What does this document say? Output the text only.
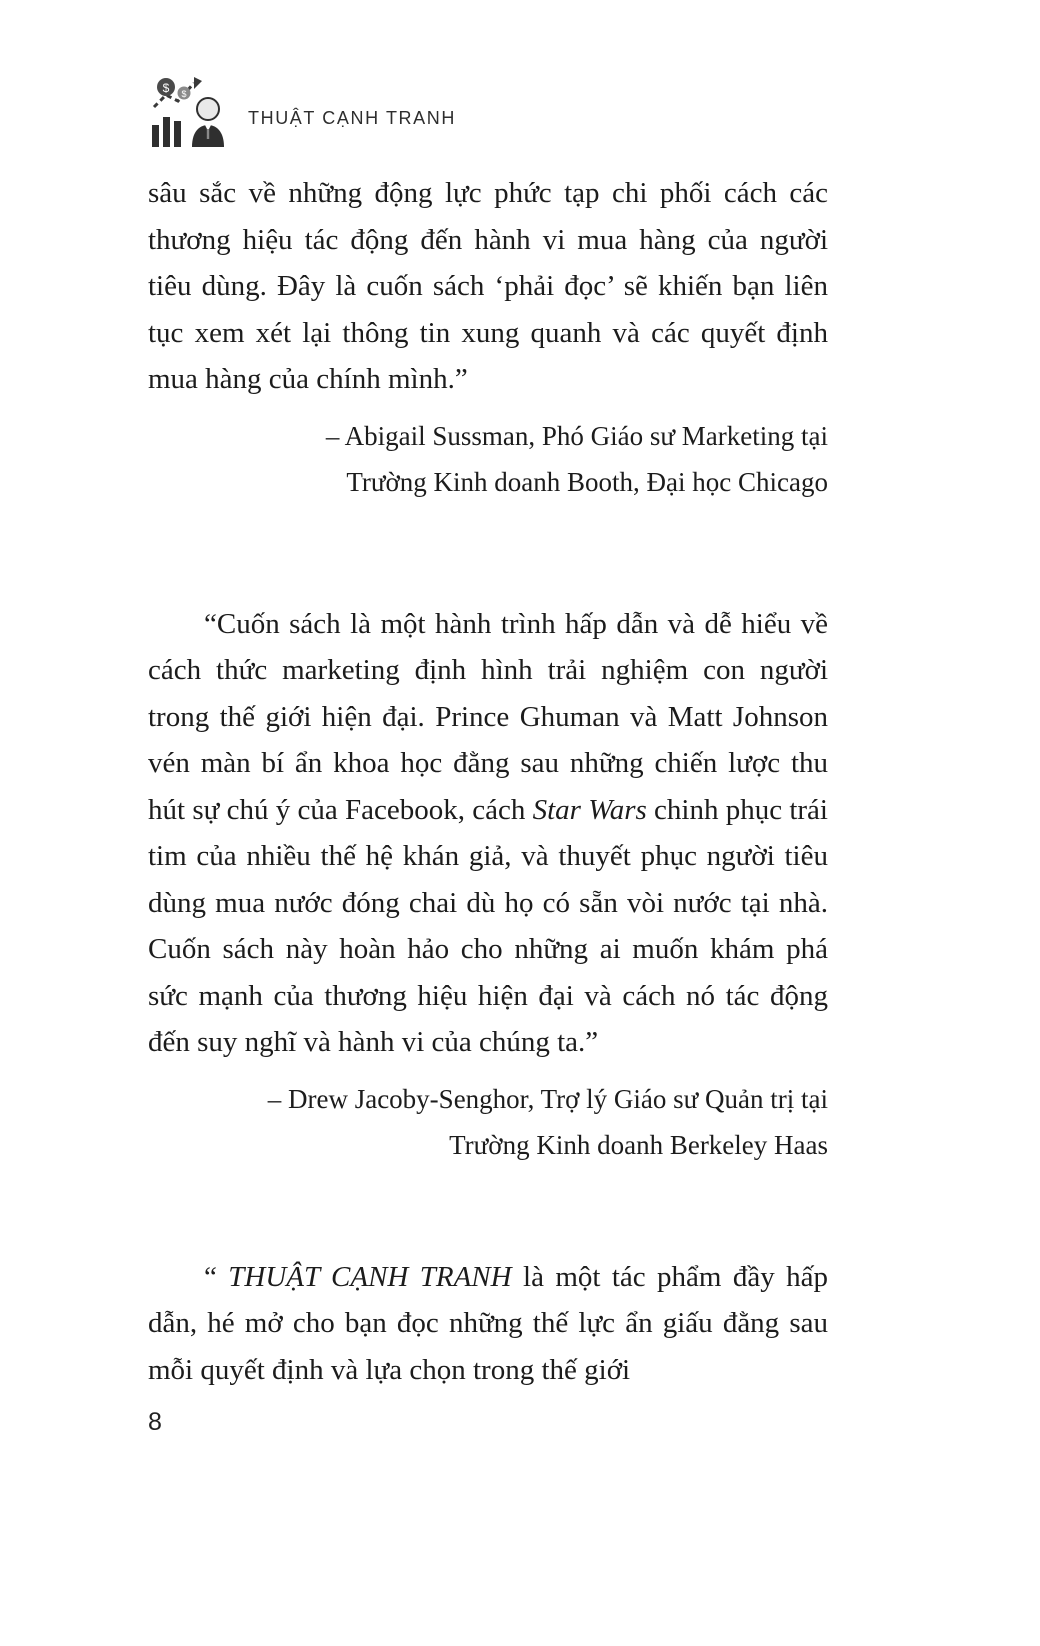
$ $
THUẬT CẠNH TRANH

sâu sắc về những động lực phức tạp chi phối cách các thương hiệu tác động đến hành vi mua hàng của người tiêu dùng. Đây là cuốn sách ‘phải đọc’ sẽ khiến bạn liên tục xem xét lại thông tin xung quanh và các quyết định mua hàng của chính mình.”

– Abigail Sussman, Phó Giáo sư Marketing tại
Trường Kinh doanh Booth, Đại học Chicago

“Cuốn sách là một hành trình hấp dẫn và dễ hiểu về cách thức marketing định hình trải nghiệm con người trong thế giới hiện đại. Prince Ghuman và Matt Johnson vén màn bí ẩn khoa học đằng sau những chiến lược thu hút sự chú ý của Facebook, cách Star Wars chinh phục trái tim của nhiều thế hệ khán giả, và thuyết phục người tiêu dùng mua nước đóng chai dù họ có sẵn vòi nước tại nhà. Cuốn sách này hoàn hảo cho những ai muốn khám phá sức mạnh của thương hiệu hiện đại và cách nó tác động đến suy nghĩ và hành vi của chúng ta.”

– Drew Jacoby-Senghor, Trợ lý Giáo sư Quản trị tại
Trường Kinh doanh Berkeley Haas

“ THUẬT CẠNH TRANH là một tác phẩm đầy hấp dẫn, hé mở cho bạn đọc những thế lực ẩn giấu đằng sau mỗi quyết định và lựa chọn trong thế giới

8
